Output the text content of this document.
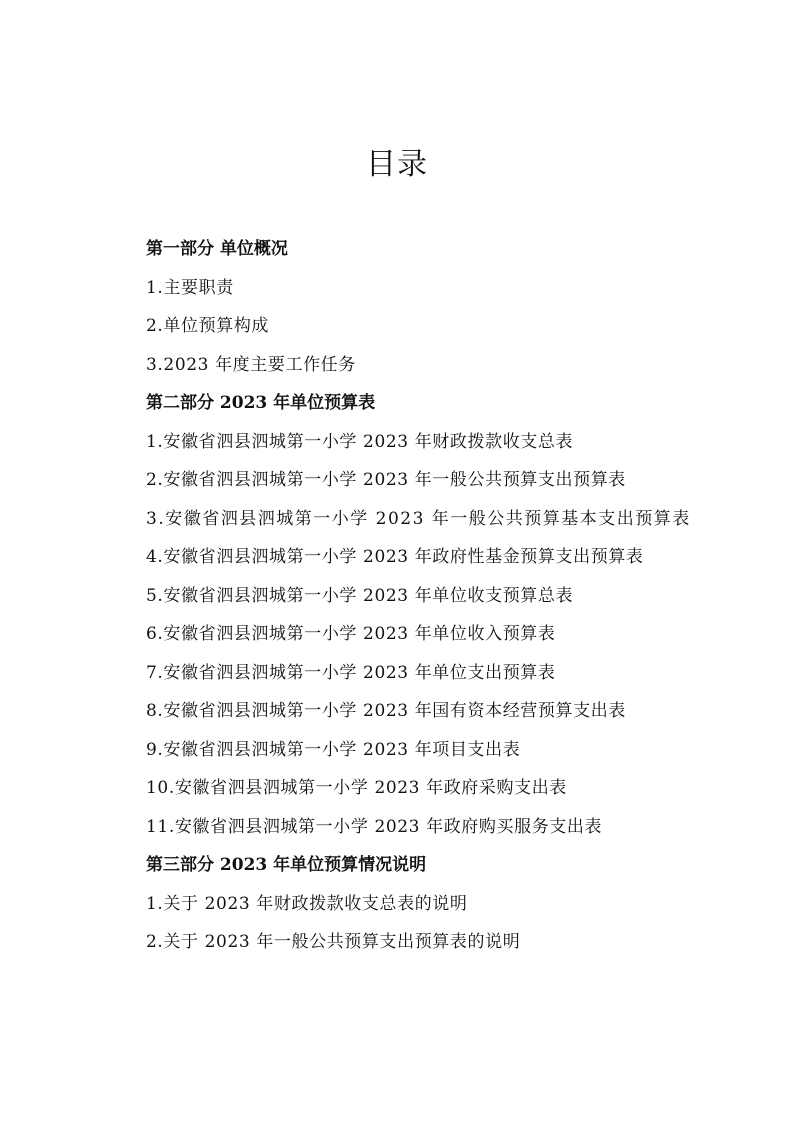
目录
第一部分 单位概况
1.主要职责
2.单位预算构成
3.2023 年度主要工作任务
第二部分 2023 年单位预算表
1.安徽省泗县泗城第一小学 2023 年财政拨款收支总表
2.安徽省泗县泗城第一小学 2023 年一般公共预算支出预算表
3.安徽省泗县泗城第一小学 2023 年一般公共预算基本支出预算表
4.安徽省泗县泗城第一小学 2023 年政府性基金预算支出预算表
5.安徽省泗县泗城第一小学 2023 年单位收支预算总表
6.安徽省泗县泗城第一小学 2023 年单位收入预算表
7.安徽省泗县泗城第一小学 2023 年单位支出预算表
8.安徽省泗县泗城第一小学 2023 年国有资本经营预算支出表
9.安徽省泗县泗城第一小学 2023 年项目支出表
10.安徽省泗县泗城第一小学 2023 年政府采购支出表
11.安徽省泗县泗城第一小学 2023 年政府购买服务支出表
第三部分 2023 年单位预算情况说明
1.关于 2023 年财政拨款收支总表的说明
2.关于 2023 年一般公共预算支出预算表的说明
